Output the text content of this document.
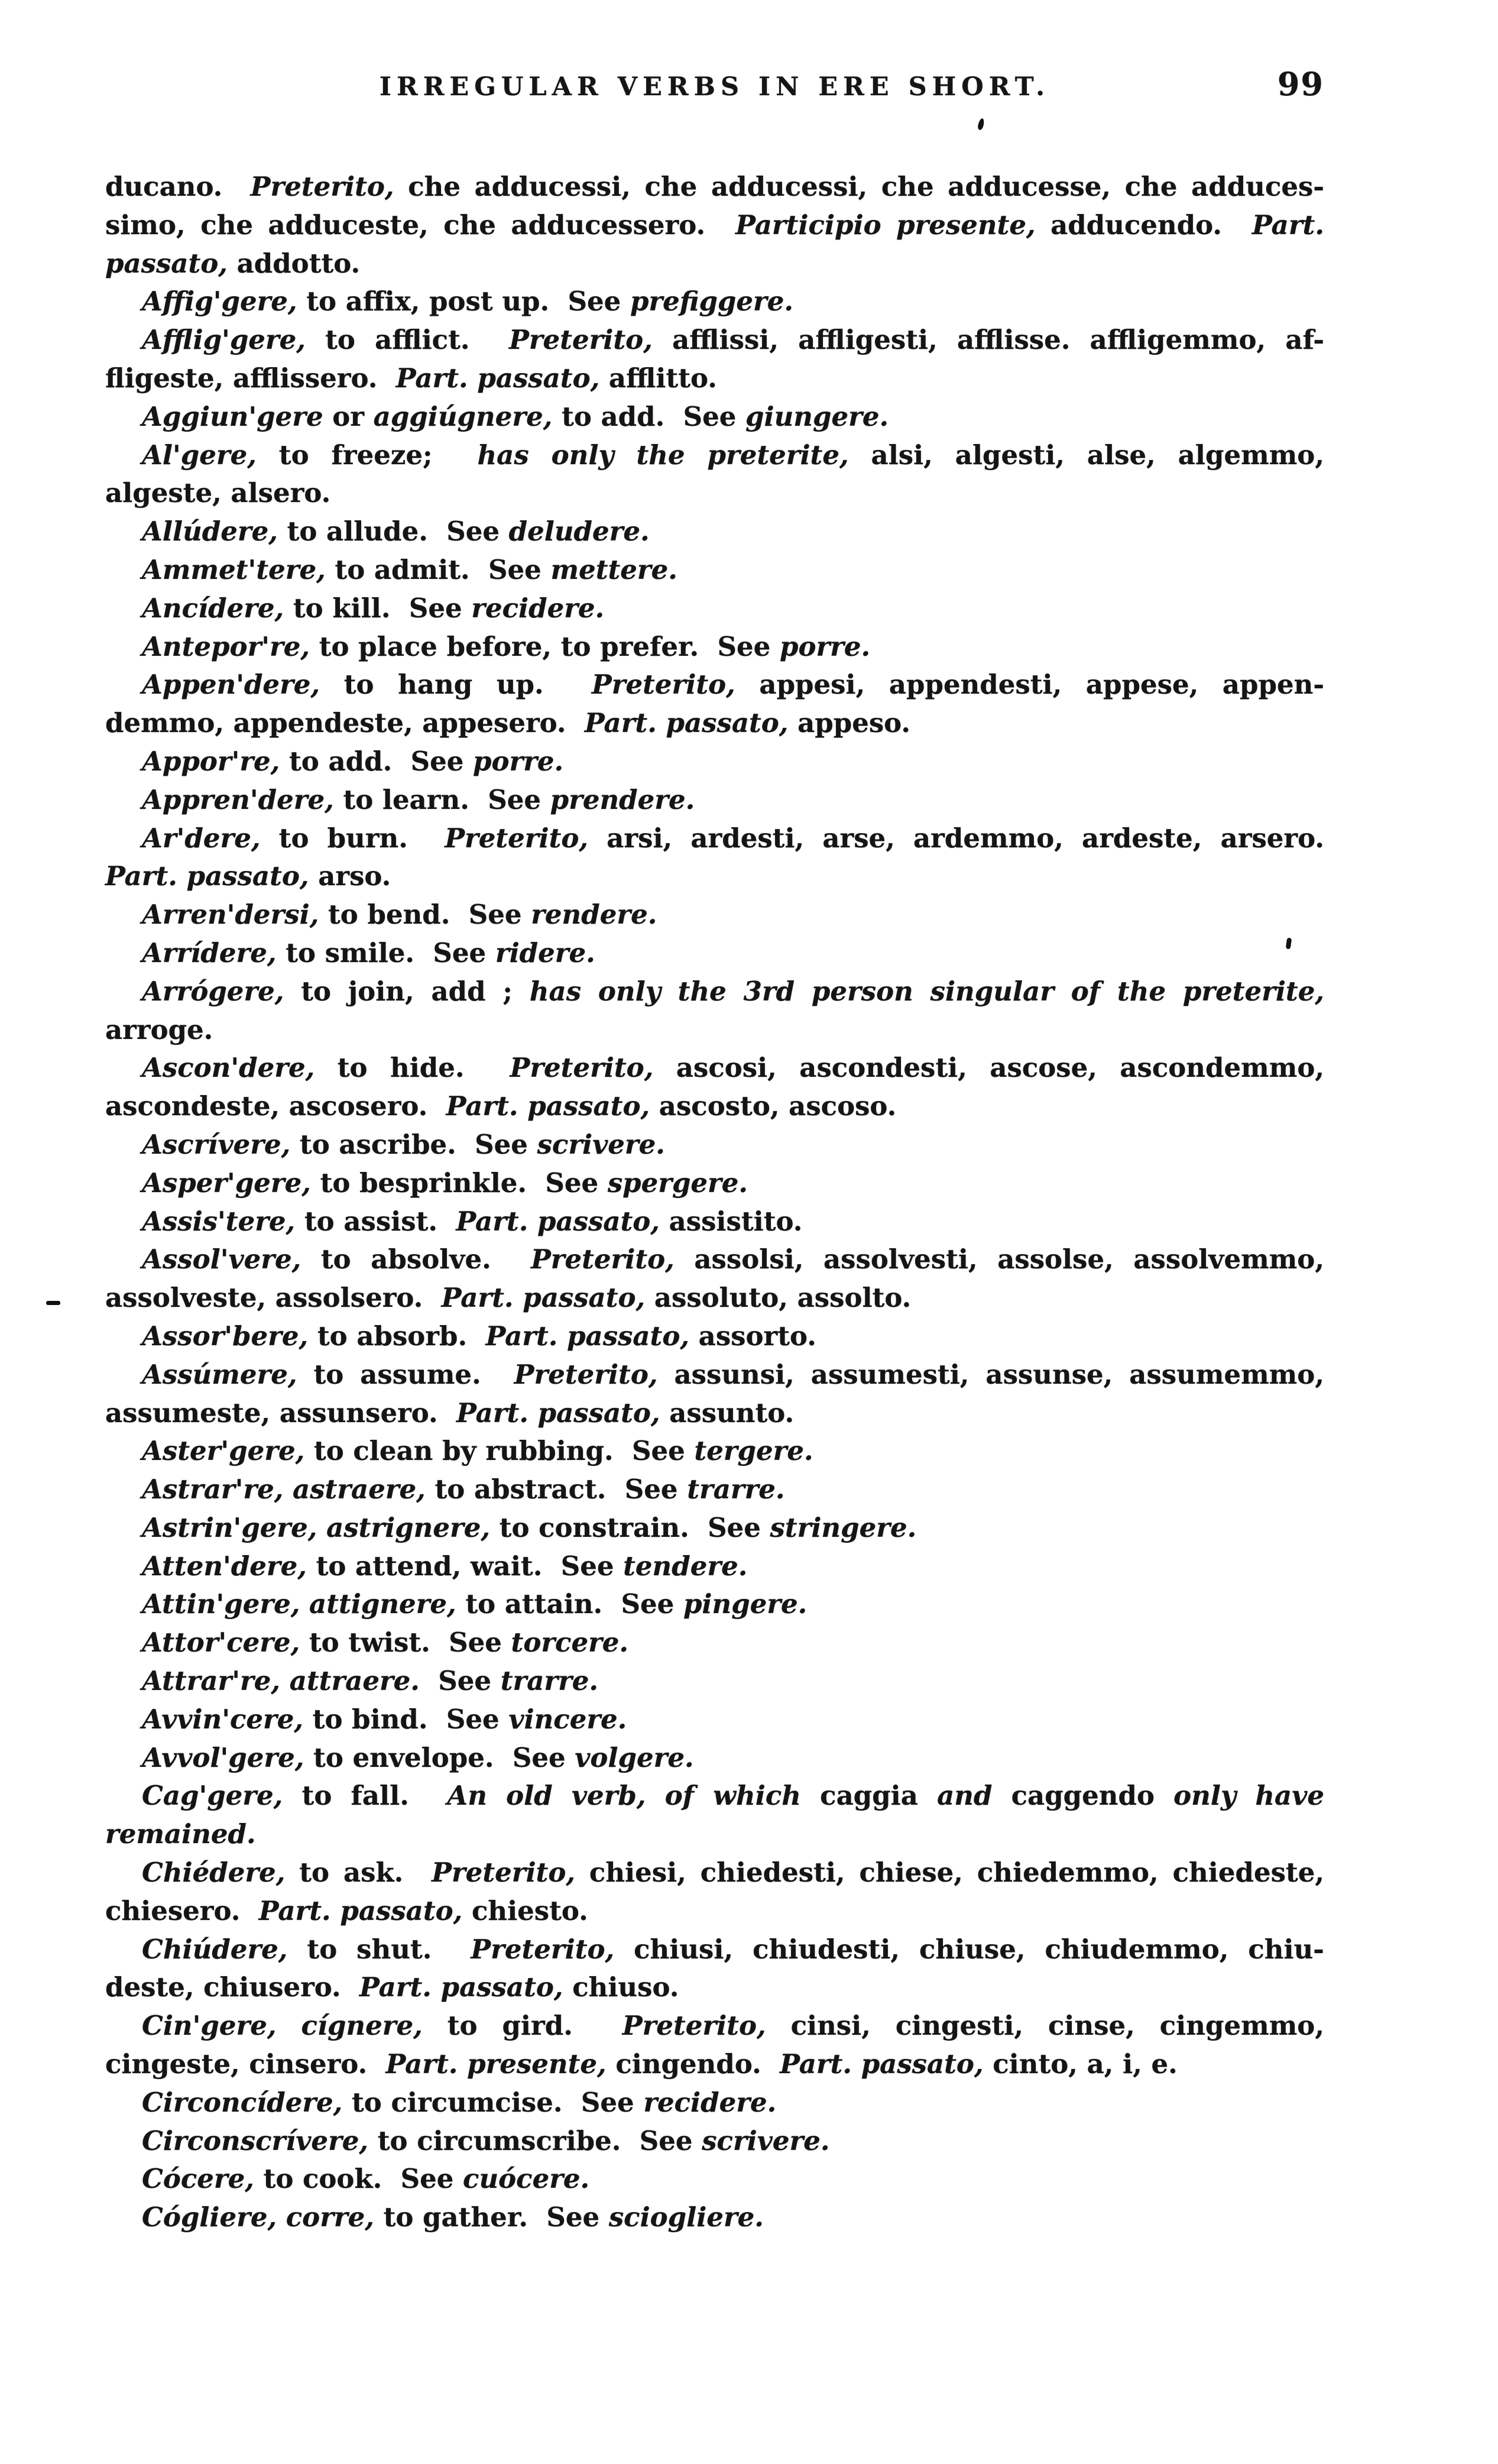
IRREGULAR VERBS IN ERE SHORT.	99
ducano.  Preterito, che adducessi, che adducessi, che adducesse, che adduces-
simo, che adduceste, che adducessero.  Participio presente, adducendo.  Part.
passato, addotto.
Affig'gere, to affix, post up.  See prefiggere.
Afflig'gere, to afflict.  Preterito, afflissi, affligesti, afflisse. affligemmo, af-
fligeste, afflissero.  Part. passato, afflitto.
Aggiun'gere or aggiúgnere, to add.  See giungere.
Al'gere, to freeze;  has only the preterite, alsi, algesti, alse, algemmo,
algeste, alsero.
Allúdere, to allude.  See deludere.
Ammet'tere, to admit.  See mettere.
Ancídere, to kill.  See recidere.
Antepor're, to place before, to prefer.  See porre.
Appen'dere, to hang up.  Preterito, appesi, appendesti, appese, appen-
demmo, appendeste, appesero.  Part. passato, appeso.
Appor're, to add.  See porre.
Appren'dere, to learn.  See prendere.
Ar'dere, to burn.  Preterito, arsi, ardesti, arse, ardemmo, ardeste, arsero.
Part. passato, arso.
Arren'dersi, to bend.  See rendere.
Arrídere, to smile.  See ridere.
Arrógere, to join, add ; has only the 3rd person singular of the preterite,
arroge.
Ascon'dere, to hide.  Preterito, ascosi, ascondesti, ascose, ascondemmo,
ascondeste, ascosero.  Part. passato, ascosto, ascoso.
Ascrívere, to ascribe.  See scrivere.
Asper'gere, to besprinkle.  See spergere.
Assis'tere, to assist.  Part. passato, assistito.
Assol'vere, to absolve.  Preterito, assolsi, assolvesti, assolse, assolvemmo,
assolveste, assolsero.  Part. passato, assoluto, assolto.
Assor'bere, to absorb.  Part. passato, assorto.
Assúmere, to assume.  Preterito, assunsi, assumesti, assunse, assumemmo,
assumeste, assunsero.  Part. passato, assunto.
Aster'gere, to clean by rubbing.  See tergere.
Astrar're, astraere, to abstract.  See trarre.
Astrin'gere, astrignere, to constrain.  See stringere.
Atten'dere, to attend, wait.  See tendere.
Attin'gere, attignere, to attain.  See pingere.
Attor'cere, to twist.  See torcere.
Attrar're, attraere.  See trarre.
Avvin'cere, to bind.  See vincere.
Avvol'gere, to envelope.  See volgere.
Cag'gere, to fall.  An old verb, of which caggia and caggendo only have
remained.
Chiédere, to ask.  Preterito, chiesi, chiedesti, chiese, chiedemmo, chiedeste,
chiesero.  Part. passato, chiesto.
Chiúdere, to shut.  Preterito, chiusi, chiudesti, chiuse, chiudemmo, chiu-
deste, chiusero.  Part. passato, chiuso.
Cin'gere, cígnere, to gird.  Preterito, cinsi, cingesti, cinse, cingemmo,
cingeste, cinsero.  Part. presente, cingendo.  Part. passato, cinto, a, i, e.
Circoncídere, to circumcise.  See recidere.
Circonscrívere, to circumscribe.  See scrivere.
Cócere, to cook.  See cuócere.
Cógliere, corre, to gather.  See sciogliere.
